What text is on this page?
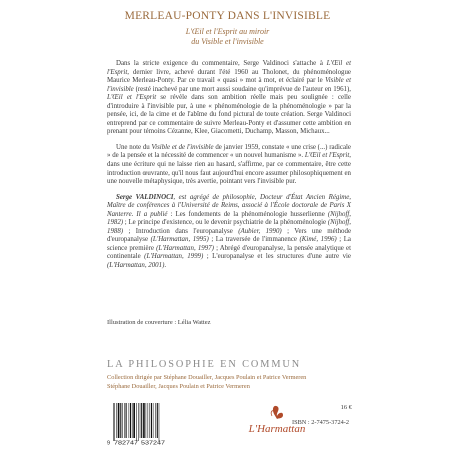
MERLEAU-PONTY DANS L'INVISIBLE
L'Œil et l'Esprit au miroir
du Visible et l'invisible

Dans la stricte exigence du commentaire, Serge Valdinoci s'attache à L'Œil et l'Esprit, dernier livre, achevé durant l'été 1960 au Tholonet, du phénoménologue Maurice Merleau-Ponty. Par ce travail « quasi » mot à mot, et éclairé par le Visible et l'invisible (resté inachevé par une mort aussi soudaine qu'imprévue de l'auteur en 1961), L'Œil et l'Esprit se révèle dans son ambition réelle mais peu soulignée : celle d'introduire à l'invisible pur, à une « phénoménologie de la phénoménologie » par la pensée, ici, de la cime et de l'abîme du fond pictural de toute création. Serge Valdinoci entreprend par ce commentaire de suivre Merleau-Ponty et d'assumer cette ambition en prenant pour témoins Cézanne, Klee, Giacometti, Duchamp, Masson, Michaux...

Une note du Visible et de l'invisible de janvier 1959, constate « une crise (...) radicale » de la pensée et la nécessité de commencer « un nouvel humanisme ». L'Œil et l'Esprit, dans une écriture qui ne laisse rien au hasard, s'affirme, par ce commentaire, être cette introduction œuvrante, qu'il nous faut aujourd'hui encore assumer philosophiquement en une nouvelle métaphysique, très avertie, pointant vers l'invisible pur.

Serge VALDINOCI, est agrégé de philosophie, Docteur d'État Ancien Régime, Maître de conférences à l'Université de Reims, associé à l'École doctorale de Paris X Nanterre. Il a publié : Les fondements de la phénoménologie husserlienne (Nijhoff, 1982) ; Le principe d'existence, ou le devenir psychiatrie de la phénoménologie (Nijhoff, 1988) ; Introduction dans l'europanalyse (Aubier, 1990) ; Vers une méthode d'europanalyse (L'Harmattan, 1995) ; La traversée de l'immanence (Kimé, 1996) ; La science première (L'Harmattan, 1997) ; Abrégé d'europanalyse, la pensée analytique et continentale (L'Harmattan, 1999) ; L'europanalyse et les structures d'une autre vie (L'Harmattan, 2001).

Illustration de couverture : Lélia Wattez
LA PHILOSOPHIE EN COMMUN
Collection dirigée par Stéphane Douailler, Jacques Poulain et Patrice Vermeren
Stéphane Douailler, Jacques Poulain et Patrice Vermeren
9 782747 537247
L'Harmattan
16 €
ISBN : 2-7475-3724-2
